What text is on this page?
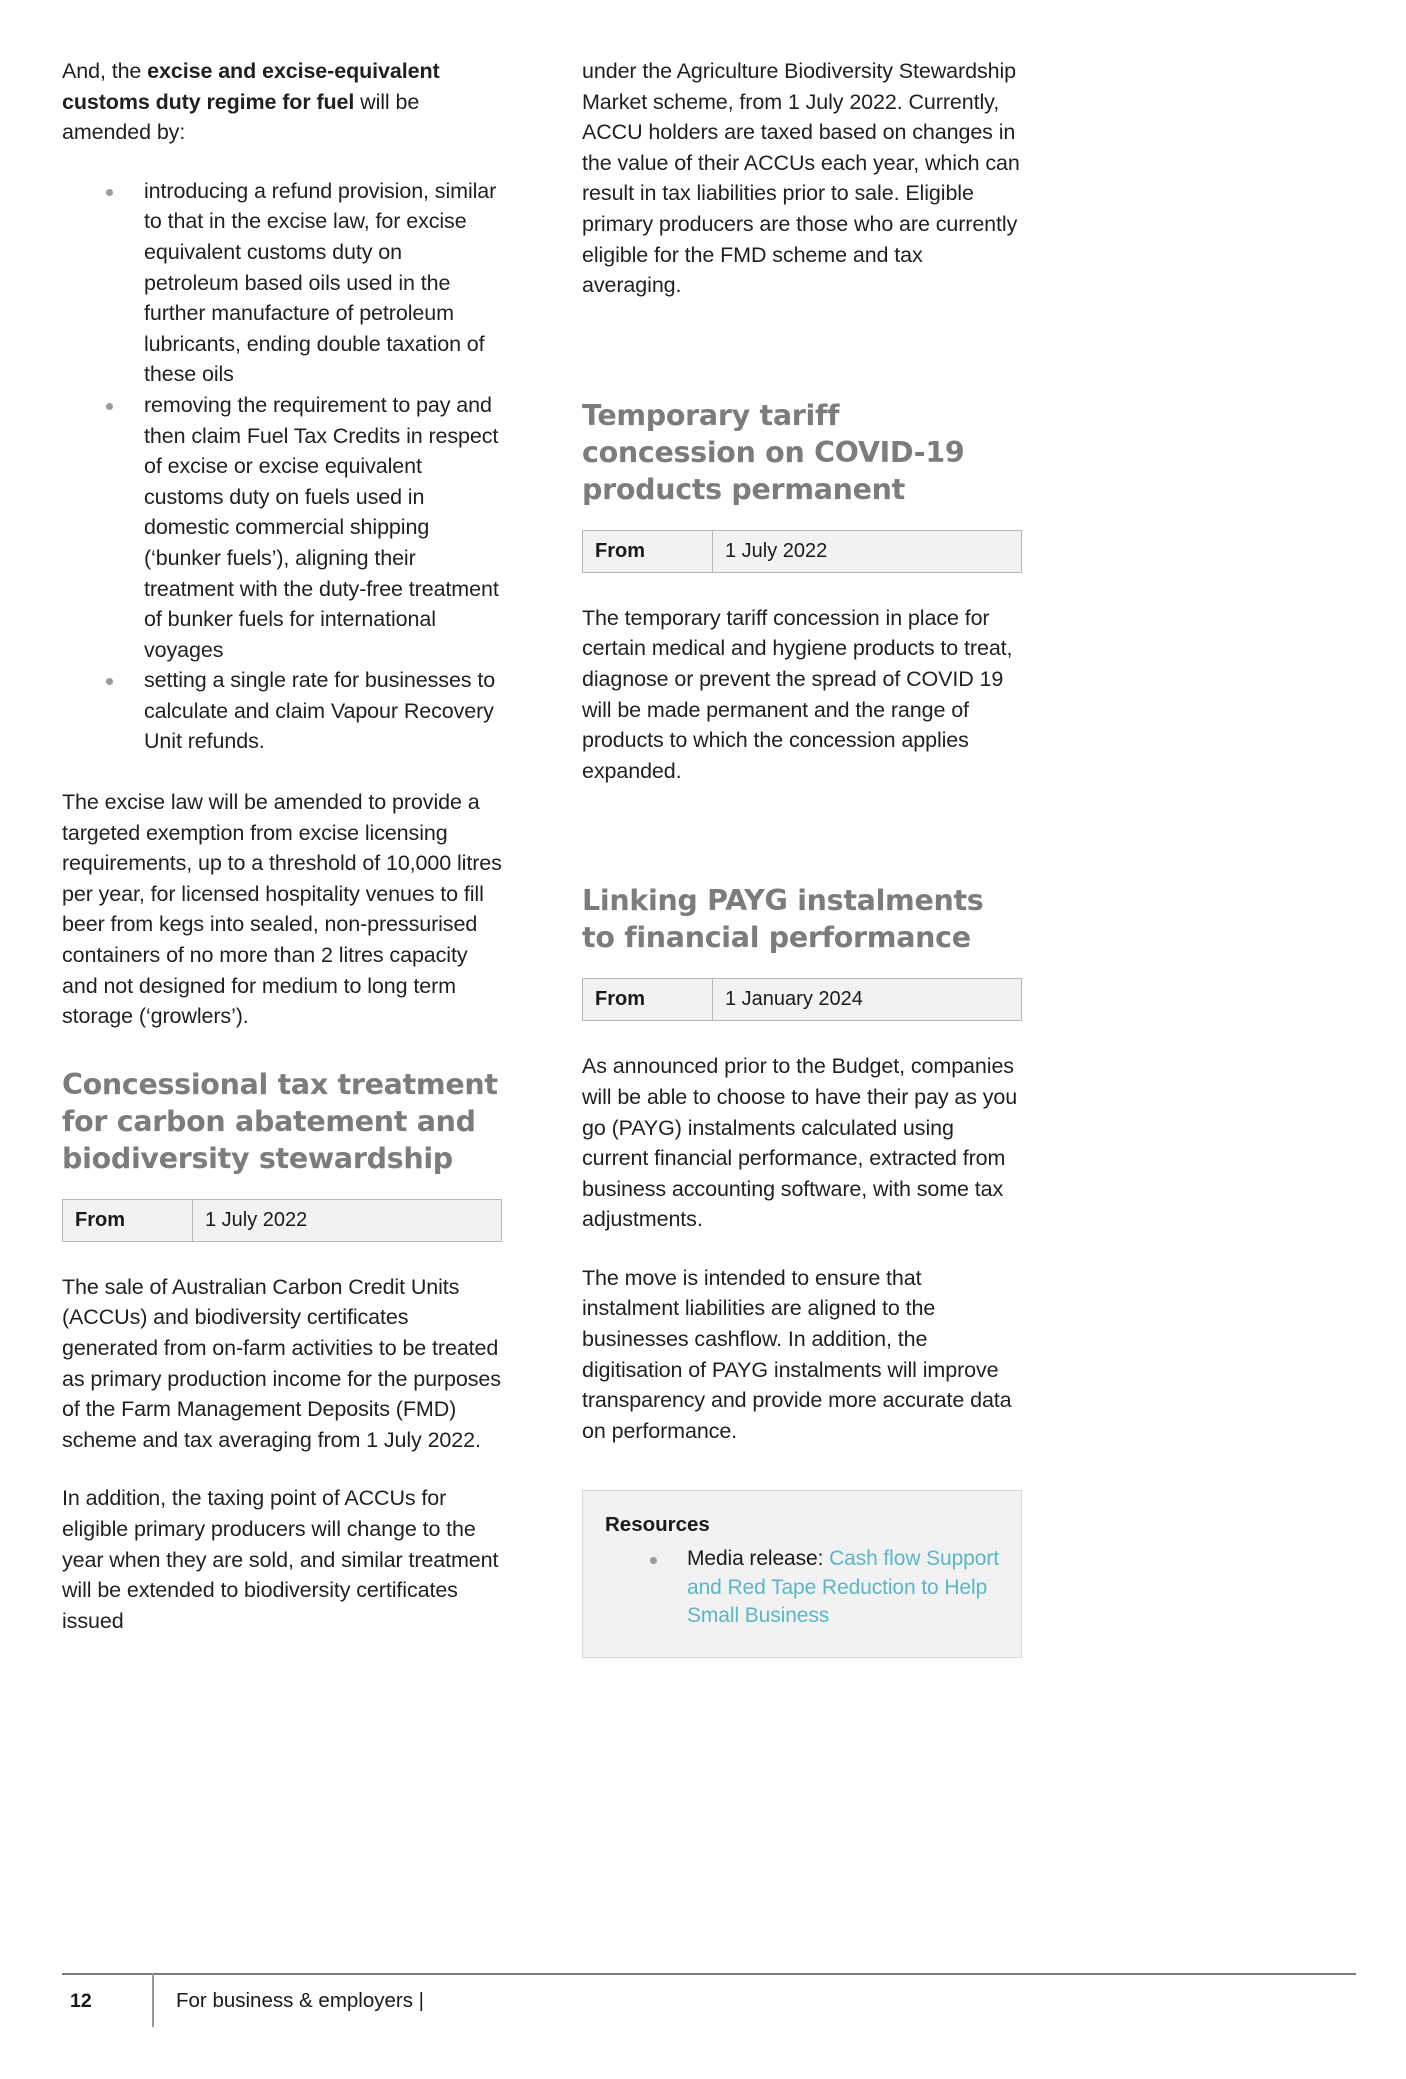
And, the excise and excise-equivalent customs duty regime for fuel will be amended by:

introducing a refund provision, similar to that in the excise law, for excise equivalent customs duty on petroleum based oils used in the further manufacture of petroleum lubricants, ending double taxation of these oils
removing the requirement to pay and then claim Fuel Tax Credits in respect of excise or excise equivalent customs duty on fuels used in domestic commercial shipping (‘bunker fuels’), aligning their treatment with the duty-free treatment of bunker fuels for international voyages
setting a single rate for businesses to calculate and claim Vapour Recovery Unit refunds.

The excise law will be amended to provide a targeted exemption from excise licensing requirements, up to a threshold of 10,000 litres per year, for licensed hospitality venues to fill beer from kegs into sealed, non-pressurised containers of no more than 2 litres capacity and not designed for medium to long term storage (‘growlers’).

Concessional tax treatment for carbon abatement and biodiversity stewardship
From	1 July 2022

The sale of Australian Carbon Credit Units (ACCUs) and biodiversity certificates generated from on-farm activities to be treated as primary production income for the purposes of the Farm Management Deposits (FMD) scheme and tax averaging from 1 July 2022.

In addition, the taxing point of ACCUs for eligible primary producers will change to the year when they are sold, and similar treatment will be extended to biodiversity certificates issued

under the Agriculture Biodiversity Stewardship Market scheme, from 1 July 2022. Currently, ACCU holders are taxed based on changes in the value of their ACCUs each year, which can result in tax liabilities prior to sale. Eligible primary producers are those who are currently eligible for the FMD scheme and tax averaging.

Temporary tariff concession on COVID-19 products permanent
From	1 July 2022

The temporary tariff concession in place for certain medical and hygiene products to treat, diagnose or prevent the spread of COVID 19 will be made permanent and the range of products to which the concession applies expanded.

Linking PAYG instalments to financial performance
From	1 January 2024

As announced prior to the Budget, companies will be able to choose to have their pay as you go (PAYG) instalments calculated using current financial performance, extracted from business accounting software, with some tax adjustments.

The move is intended to ensure that instalment liabilities are aligned to the businesses cashflow. In addition, the digitisation of PAYG instalments will improve transparency and provide more accurate data on performance.

Resources
Media release: Cash flow Support and Red Tape Reduction to Help Small Business
12	For business & employers |
